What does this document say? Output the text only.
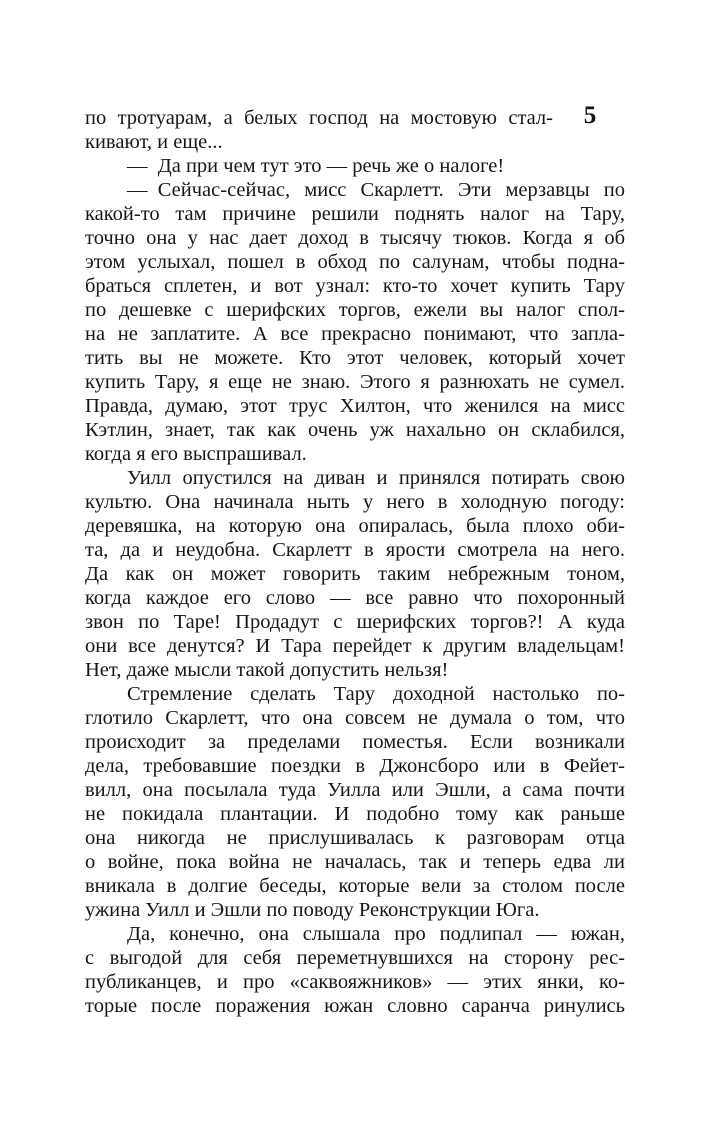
5
по тротуарам, а белых господ на мостовую стал-
кивают, и еще...
— Да при чем тут это — речь же о налоге!
— Сейчас-сейчас, мисс Скарлетт. Эти мерзавцы по
какой-то там причине решили поднять налог на Тару,
точно она у нас дает доход в тысячу тюков. Когда я об
этом услыхал, пошел в обход по салунам, чтобы подна-
браться сплетен, и вот узнал: кто-то хочет купить Тару
по дешевке с шерифских торгов, ежели вы налог спол-
на не заплатите. А все прекрасно понимают, что запла-
тить вы не можете. Кто этот человек, который хочет
купить Тару, я еще не знаю. Этого я разнюхать не сумел.
Правда, думаю, этот трус Хилтон, что женился на мисс
Кэтлин, знает, так как очень уж нахально он склабился,
когда я его выспрашивал.
Уилл опустился на диван и принялся потирать свою
культю. Она начинала ныть у него в холодную погоду:
деревяшка, на которую она опиралась, была плохо оби-
та, да и неудобна. Скарлетт в ярости смотрела на него.
Да как он может говорить таким небрежным тоном,
когда каждое его слово — все равно что похоронный
звон по Таре! Продадут с шерифских торгов?! А куда
они все денутся? И Тара перейдет к другим владельцам!
Нет, даже мысли такой допустить нельзя!
Стремление сделать Тару доходной настолько по-
глотило Скарлетт, что она совсем не думала о том, что
происходит за пределами поместья. Если возникали
дела, требовавшие поездки в Джонсборо или в Фейет-
вилл, она посылала туда Уилла или Эшли, а сама почти
не покидала плантации. И подобно тому как раньше
она никогда не прислушивалась к разговорам отца
о войне, пока война не началась, так и теперь едва ли
вникала в долгие беседы, которые вели за столом после
ужина Уилл и Эшли по поводу Реконструкции Юга.
Да, конечно, она слышала про подлипал — южан,
с выгодой для себя переметнувшихся на сторону рес-
публиканцев, и про «саквояжников» — этих янки, ко-
торые после поражения южан словно саранча ринулись
